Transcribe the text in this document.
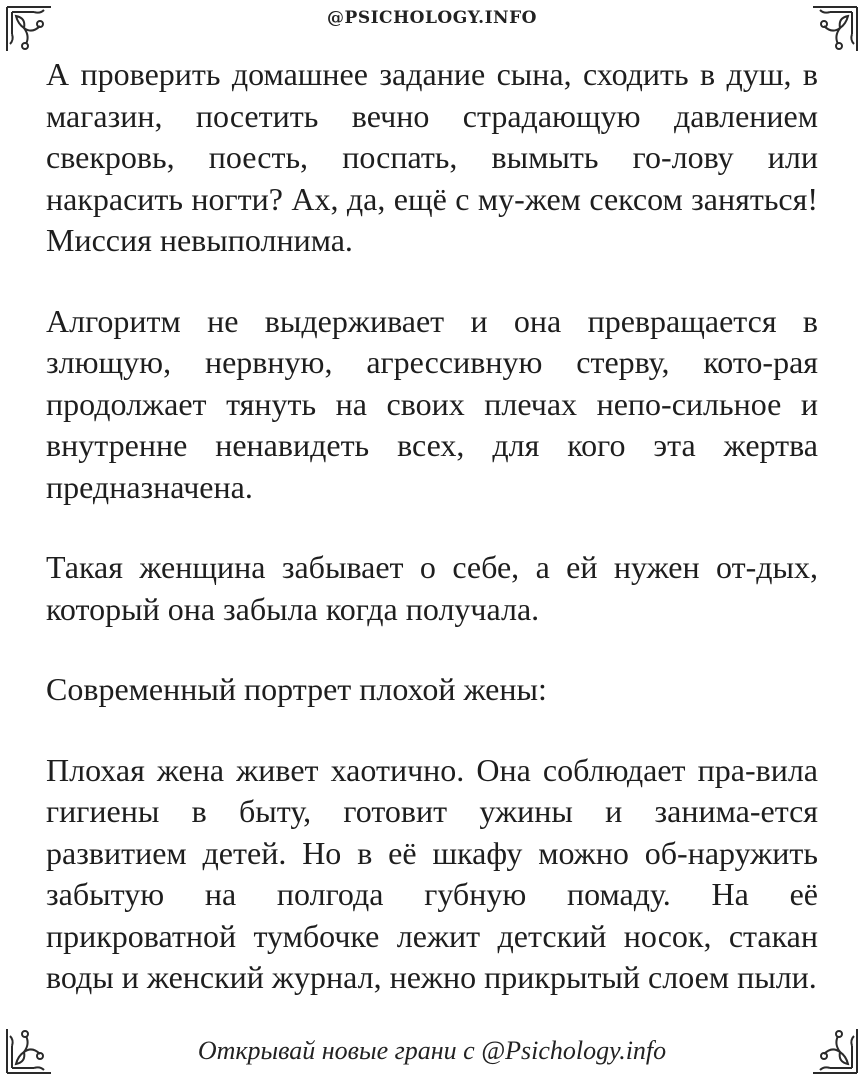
@PSICHOLOGY.INFO

А проверить домашнее задание сына, сходить в душ, в магазин, посетить вечно страдающую давлением свекровь, поесть, поспать, вымыть го-лову или накрасить ногти? Ах, да, ещё с му-жем сексом заняться! Миссия невыполнима.

Алгоритм не выдерживает и она превращается в злющую, нервную, агрессивную стерву, кото-рая продолжает тянуть на своих плечах непо-сильное и внутренне ненавидеть всех, для кого эта жертва предназначена.

Такая женщина забывает о себе, а ей нужен от-дых, который она забыла когда получала.

Современный портрет плохой жены:

Плохая жена живет хаотично. Она соблюдает пра-вила гигиены в быту, готовит ужины и занима-ется развитием детей. Но в её шкафу можно об-наружить забытую на полгода губную помаду. На её прикроватной тумбочке лежит детский носок, стакан воды и женский журнал, нежно прикрытый слоем пыли.

Открывай новые грани с @Psichology.info
